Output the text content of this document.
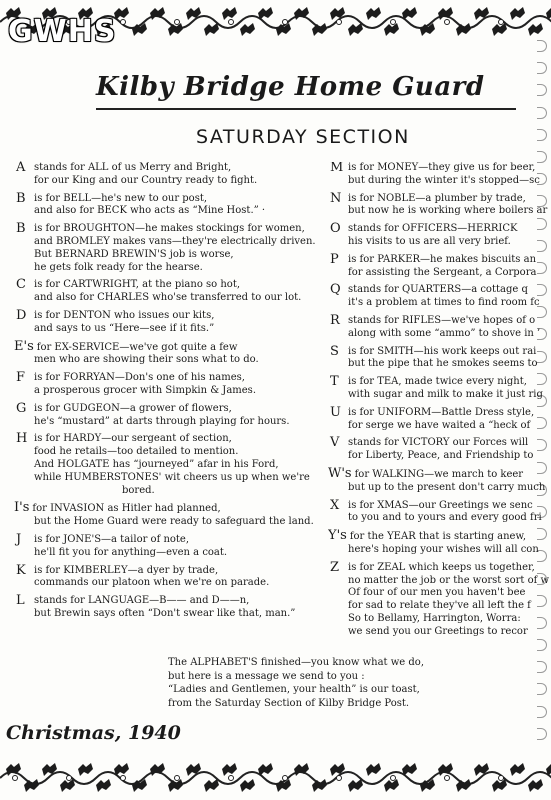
GWHS
Kilby Bridge Home Guard
SATURDAY SECTION
A stands for ALL of us Merry and Bright,
for our King and our Country ready to fight.
B is for BELL—he's new to our post,
and also for BECK who acts as “Mine Host.” ·
B is for BROUGHTON—he makes stockings for women,
and BROMLEY makes vans—they're electrically driven.
But BERNARD BREWIN'S job is worse,
he gets folk ready for the hearse.
C is for CARTWRIGHT, at the piano so hot,
and also for CHARLES who'se transferred to our lot.
D is for DENTON who issues our kits,
and says to us “Here—see if it fits.”
E's for EX-SERVICE—we've got quite a few
men who are showing their sons what to do.
F is for FORRYAN—Don's one of his names,
a prosperous grocer with Simpkin & James.
G is for GUDGEON—a grower of flowers,
he's “mustard” at darts through playing for hours.
H is for HARDY—our sergeant of section,
food he retails—too detailed to mention.
And HOLGATE has “journeyed” afar in his Ford,
while HUMBERSTONES' wit cheers us up when we're
bored.
I's for INVASION as Hitler had planned,
but the Home Guard were ready to safeguard the land.
J is for JONE'S—a tailor of note,
he'll fit you for anything—even a coat.
K is for KIMBERLEY—a dyer by trade,
commands our platoon when we're on parade.
L stands for LANGUAGE—B—— and D——n,
but Brewin says often “Don't swear like that, man.”
M is for MONEY—they give us for beer,
but during the winter it's stopped—sc
N is for NOBLE—a plumber by trade,
but now he is working where boilers ar
O stands for OFFICERS—HERRICK
his visits to us are all very brief.
P is for PARKER—he makes biscuits an
for assisting the Sergeant, a Corpora
Q stands for QUARTERS—a cottage q
it's a problem at times to find room fc
R stands for RIFLES—we've hopes of o
along with some “ammo” to shove in ’
S is for SMITH—his work keeps out rai
but the pipe that he smokes seems to
T is for TEA, made twice every night,
with sugar and milk to make it just rig
U is for UNIFORM—Battle Dress style,
for serge we have waited a “heck of
V stands for VICTORY our Forces will
for Liberty, Peace, and Friendship to
W's for WALKING—we march to keer
but up to the present don't carry much
X is for XMAS—our Greetings we senc
to you and to yours and every good fri
Y's for the YEAR that is starting anew,
here's hoping your wishes will all con
Z is for ZEAL which keeps us together,
no matter the job or the worst sort of w
Of four of our men you haven't bee
for sad to relate they've all left the f
So to Bellamy, Harrington, Worra:
we send you our Greetings to recor
The ALPHABET'S finished—you know what we do,
but here is a message we send to you :
“Ladies and Gentlemen, your health” is our toast,
from the Saturday Section of Kilby Bridge Post.
Christmas, 1940
